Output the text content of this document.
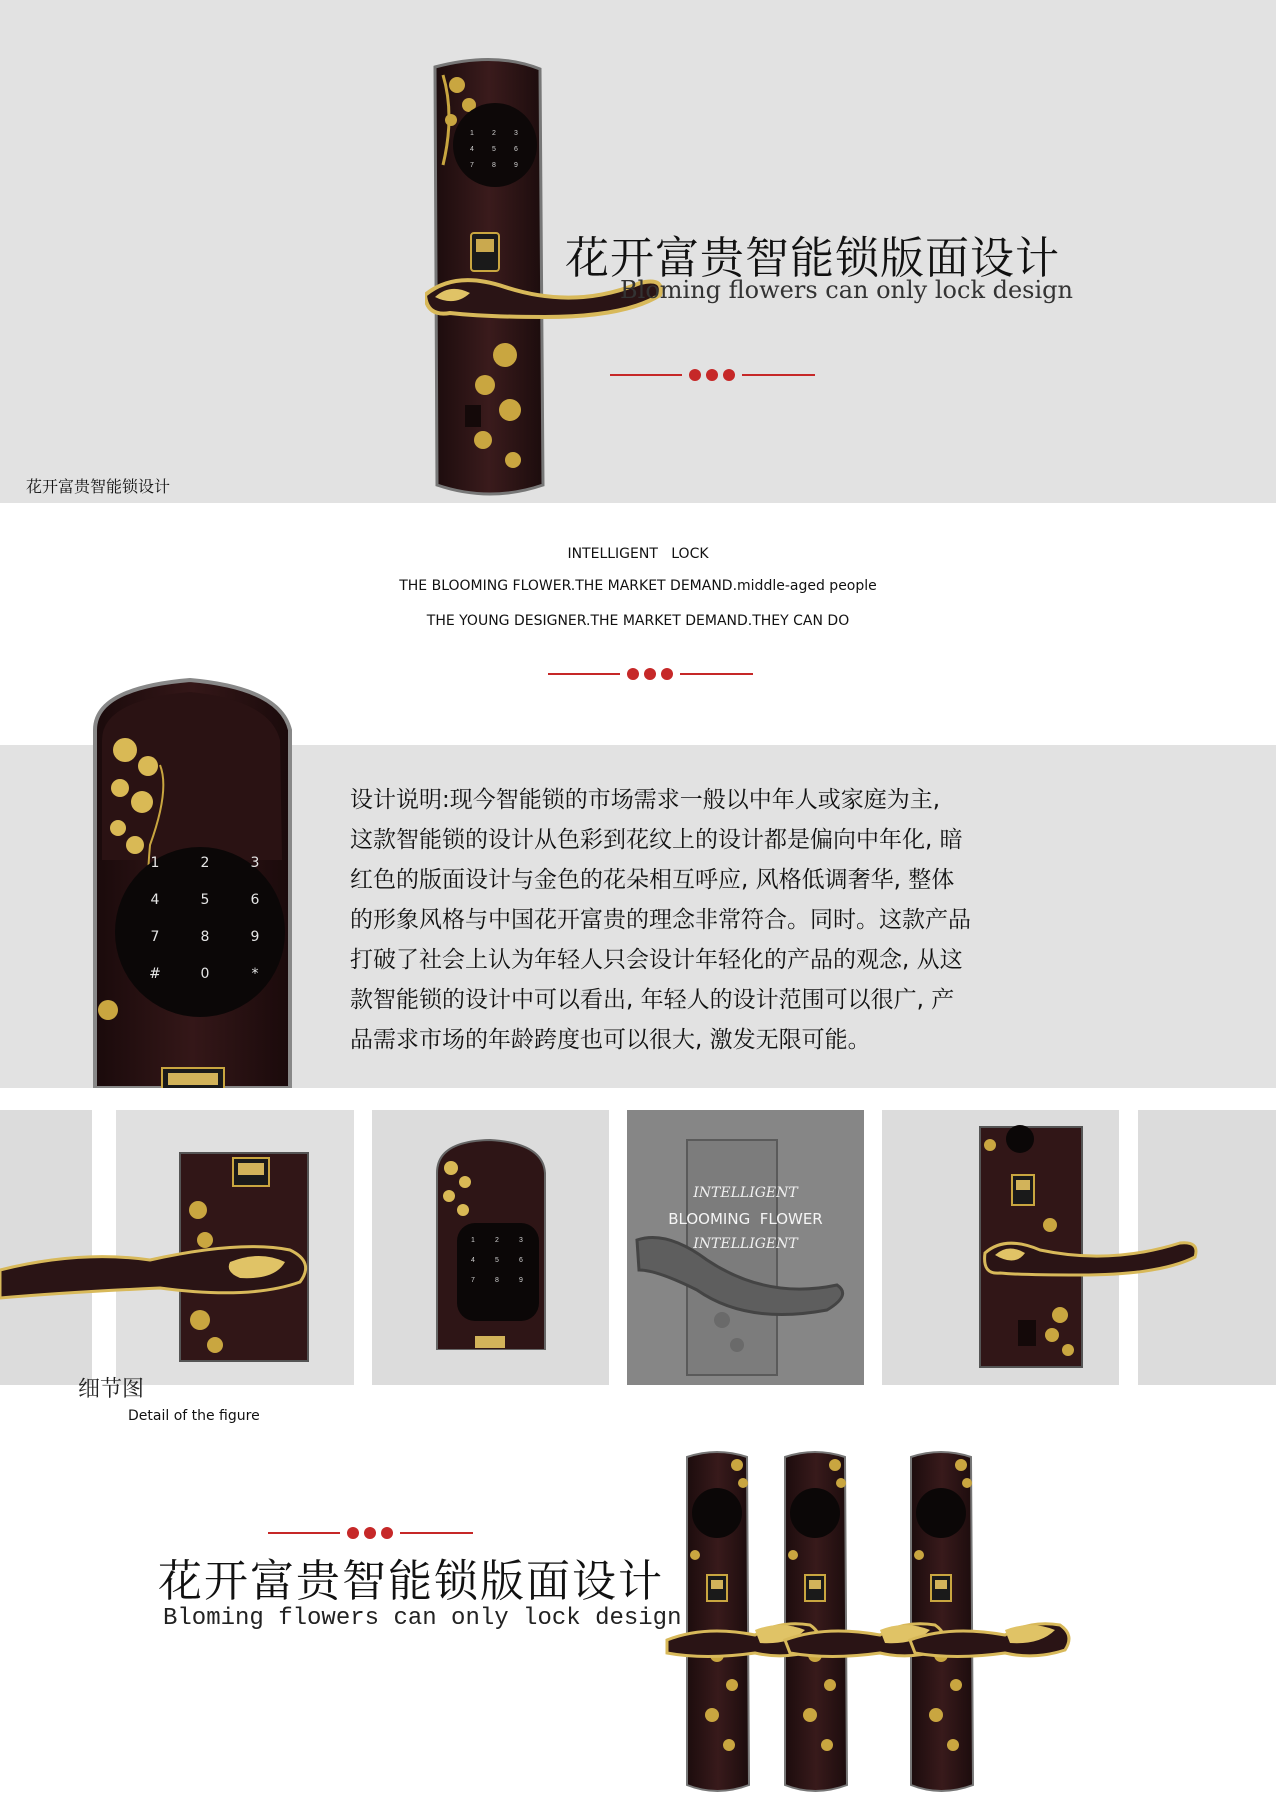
1	2	3
4	5	6
7	8	9
花开富贵智能锁版面设计
Bloming flowers can only lock design
花开富贵智能锁设计
INTELLIGENT   LOCK
THE BLOOMING FLOWER.THE MARKET DEMAND.middle-aged people
THE YOUNG DESIGNER.THE MARKET DEMAND.THEY CAN DO
1	2	3
4	5	6
7	8	9
#	0	*
设计说明:现今智能锁的市场需求一般以中年人或家庭为主,
这款智能锁的设计从色彩到花纹上的设计都是偏向中年化, 暗
红色的版面设计与金色的花朵相互呼应, 风格低调奢华, 整体
的形象风格与中国花开富贵的理念非常符合。同时。这款产品
打破了社会上认为年轻人只会设计年轻化的产品的观念, 从这
款智能锁的设计中可以看出, 年轻人的设计范围可以很广, 产
品需求市场的年龄跨度也可以很大, 激发无限可能。
1	2	3
4	5	6
7	8	9
INTELLIGENT
BLOOMING  FLOWER
INTELLIGENT
细节图
Detail of the figure
花开富贵智能锁版面设计
Bloming flowers can only lock design
